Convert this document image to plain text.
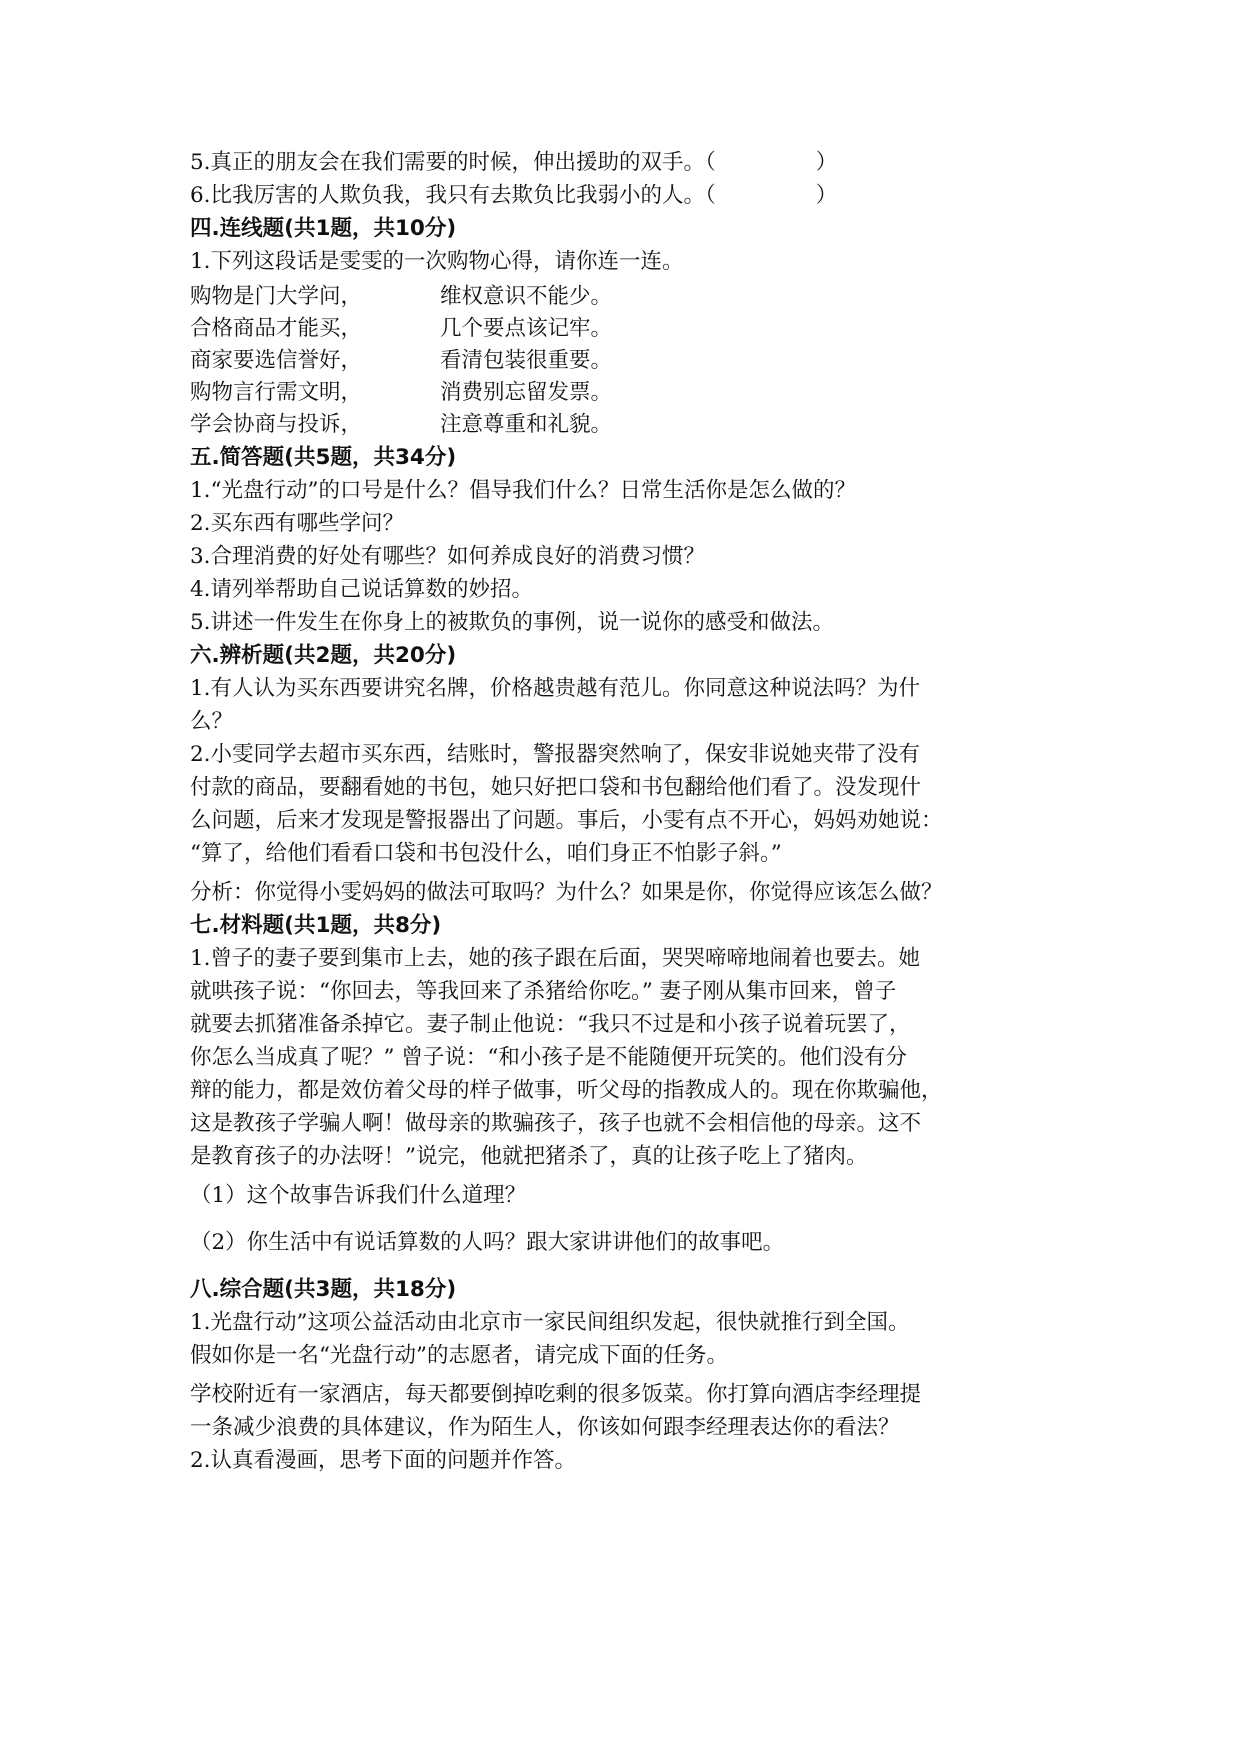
5.真正的朋友会在我们需要的时候，伸出援助的双手。（	）
6.比我厉害的人欺负我，我只有去欺负比我弱小的人。（	）
四.连线题(共1题，共10分)
1.下列这段话是雯雯的一次购物心得，请你连一连。
购物是门大学问，	维权意识不能少。
合格商品才能买，	几个要点该记牢。
商家要选信誉好，	看清包装很重要。
购物言行需文明，	消费别忘留发票。
学会协商与投诉，	注意尊重和礼貌。
五.简答题(共5题，共34分)
1.“光盘行动”的口号是什么？倡导我们什么？日常生活你是怎么做的？
2.买东西有哪些学问？
3.合理消费的好处有哪些？如何养成良好的消费习惯？
4.请列举帮助自己说话算数的妙招。
5.讲述一件发生在你身上的被欺负的事例，说一说你的感受和做法。
六.辨析题(共2题，共20分)
1.有人认为买东西要讲究名牌，价格越贵越有范儿。你同意这种说法吗？为什
么？
2.小雯同学去超市买东西，结账时，警报器突然响了，保安非说她夹带了没有
付款的商品，要翻看她的书包，她只好把口袋和书包翻给他们看了。没发现什
么问题，后来才发现是警报器出了问题。事后，小雯有点不开心，妈妈劝她说：
“算了，给他们看看口袋和书包没什么，咱们身正不怕影子斜。”
分析：你觉得小雯妈妈的做法可取吗？为什么？如果是你，你觉得应该怎么做？
七.材料题(共1题，共8分)
1.曾子的妻子要到集市上去，她的孩子跟在后面，哭哭啼啼地闹着也要去。她
就哄孩子说：“你回去，等我回来了杀猪给你吃。” 妻子刚从集市回来，曾子
就要去抓猪准备杀掉它。妻子制止他说：“我只不过是和小孩子说着玩罢了，
你怎么当成真了呢？” 曾子说：“和小孩子是不能随便开玩笑的。他们没有分
辩的能力，都是效仿着父母的样子做事，听父母的指教成人的。现在你欺骗他，
这是教孩子学骗人啊！做母亲的欺骗孩子，孩子也就不会相信他的母亲。这不
是教育孩子的办法呀！”说完，他就把猪杀了，真的让孩子吃上了猪肉。
（1）这个故事告诉我们什么道理？
（2）你生活中有说话算数的人吗？跟大家讲讲他们的故事吧。
八.综合题(共3题，共18分)
1.光盘行动”这项公益活动由北京市一家民间组织发起，很快就推行到全国。
假如你是一名“光盘行动”的志愿者，请完成下面的任务。
学校附近有一家酒店，每天都要倒掉吃剩的很多饭菜。你打算向酒店李经理提
一条减少浪费的具体建议，作为陌生人，你该如何跟李经理表达你的看法？
2.认真看漫画，思考下面的问题并作答。
